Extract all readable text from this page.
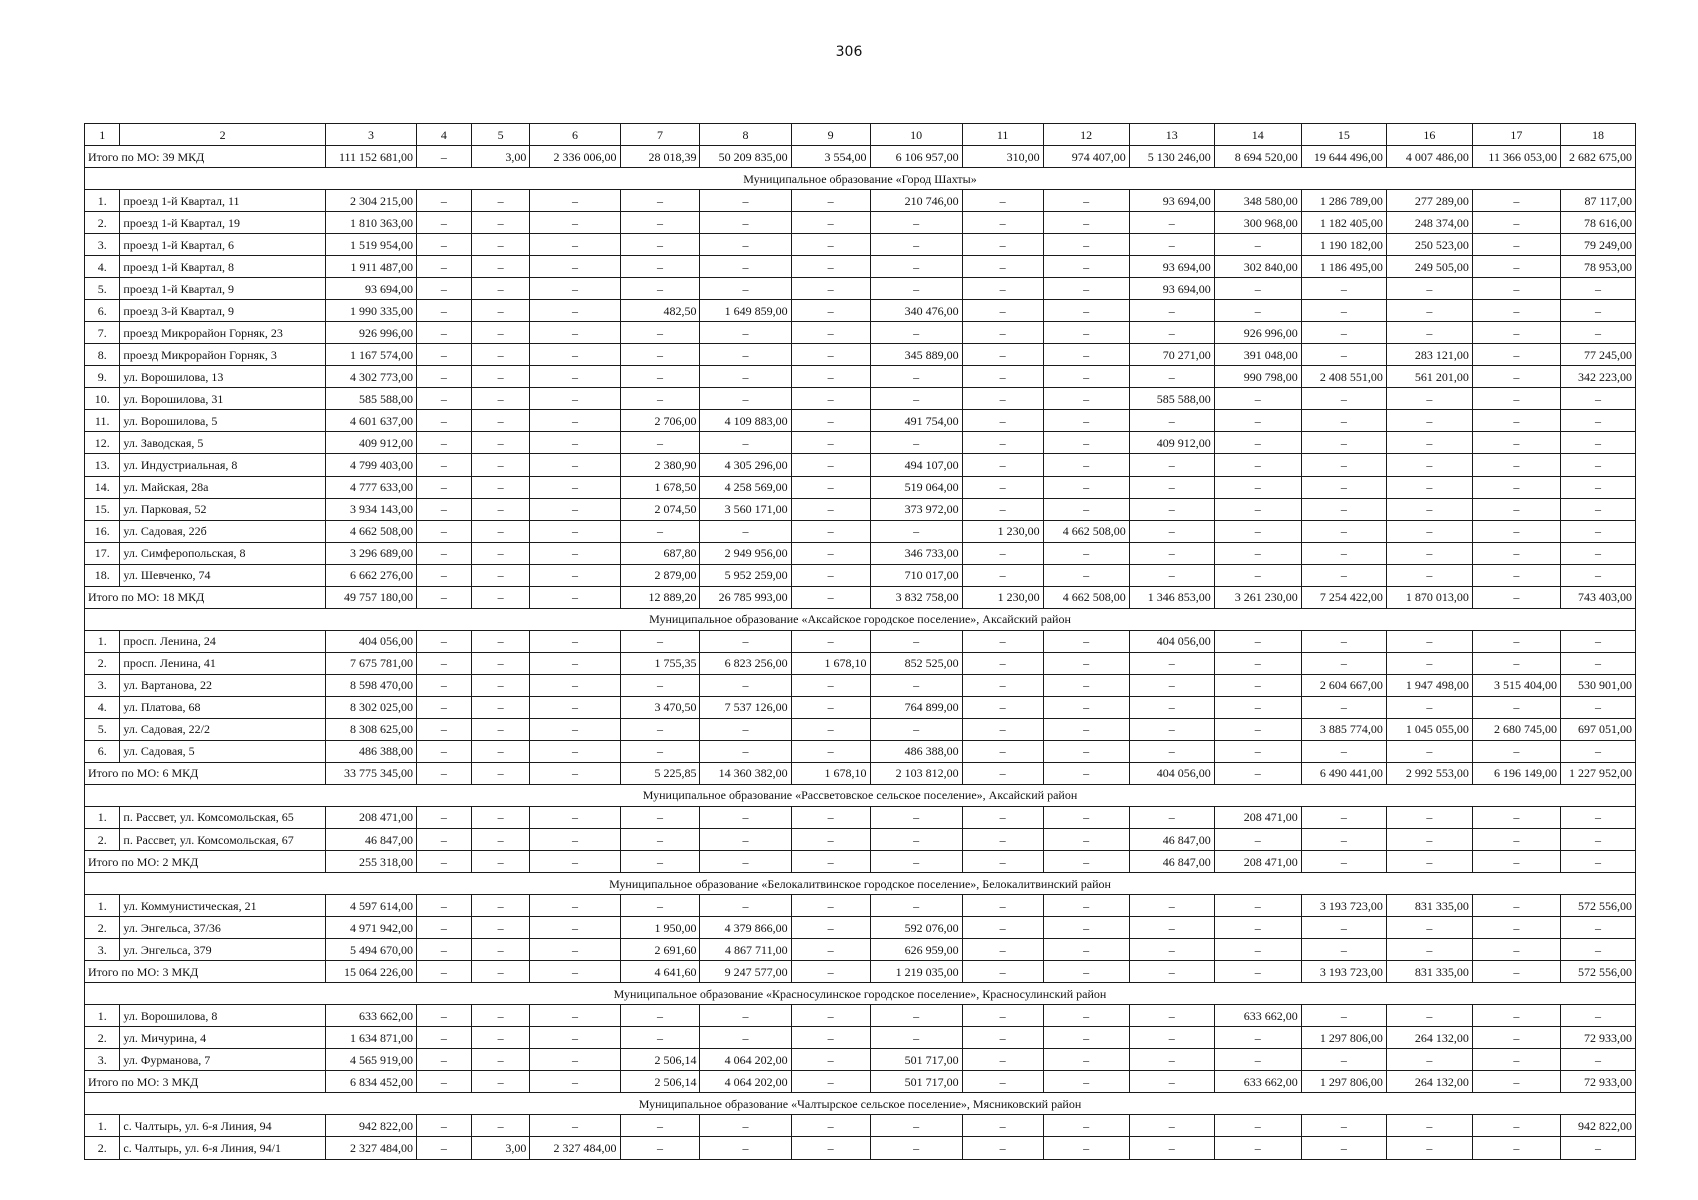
306
1	2	3	4	5	6	7	8	9	10	11	12	13	14	15	16	17	18
Итого по МО: 39 МКД		111 152 681,00	–	3,00	2 336 006,00	28 018,39	50 209 835,00	3 554,00	6 106 957,00	310,00	974 407,00	5 130 246,00	8 694 520,00	19 644 496,00	4 007 486,00	11 366 053,00	2 682 675,00
Муниципальное образование «Город Шахты»																	
1.	проезд 1-й Квартал, 11	2 304 215,00	–	–	–	–	–	–	210 746,00	–	–	93 694,00	348 580,00	1 286 789,00	277 289,00	–	87 117,00
2.	проезд 1-й Квартал, 19	1 810 363,00	–	–	–	–	–	–	–	–	–	–	300 968,00	1 182 405,00	248 374,00	–	78 616,00
3.	проезд 1-й Квартал, 6	1 519 954,00	–	–	–	–	–	–	–	–	–	–	–	1 190 182,00	250 523,00	–	79 249,00
4.	проезд 1-й Квартал, 8	1 911 487,00	–	–	–	–	–	–	–	–	–	93 694,00	302 840,00	1 186 495,00	249 505,00	–	78 953,00
5.	проезд 1-й Квартал, 9	93 694,00	–	–	–	–	–	–	–	–	–	93 694,00	–	–	–	–	–
6.	проезд 3-й Квартал, 9	1 990 335,00	–	–	–	482,50	1 649 859,00	–	340 476,00	–	–	–	–	–	–	–	–
7.	проезд Микрорайон Горняк, 23	926 996,00	–	–	–	–	–	–	–	–	–	–	926 996,00	–	–	–	–
8.	проезд Микрорайон Горняк, 3	1 167 574,00	–	–	–	–	–	–	345 889,00	–	–	70 271,00	391 048,00	–	283 121,00	–	77 245,00
9.	ул. Ворошилова, 13	4 302 773,00	–	–	–	–	–	–	–	–	–	–	990 798,00	2 408 551,00	561 201,00	–	342 223,00
10.	ул. Ворошилова, 31	585 588,00	–	–	–	–	–	–	–	–	–	585 588,00	–	–	–	–	–
11.	ул. Ворошилова, 5	4 601 637,00	–	–	–	2 706,00	4 109 883,00	–	491 754,00	–	–	–	–	–	–	–	–
12.	ул. Заводская, 5	409 912,00	–	–	–	–	–	–	–	–	–	409 912,00	–	–	–	–	–
13.	ул. Индустриальная, 8	4 799 403,00	–	–	–	2 380,90	4 305 296,00	–	494 107,00	–	–	–	–	–	–	–	–
14.	ул. Майская, 28а	4 777 633,00	–	–	–	1 678,50	4 258 569,00	–	519 064,00	–	–	–	–	–	–	–	–
15.	ул. Парковая, 52	3 934 143,00	–	–	–	2 074,50	3 560 171,00	–	373 972,00	–	–	–	–	–	–	–	–
16.	ул. Садовая, 22б	4 662 508,00	–	–	–	–	–	–	–	1 230,00	4 662 508,00	–	–	–	–	–	–
17.	ул. Симферопольская, 8	3 296 689,00	–	–	–	687,80	2 949 956,00	–	346 733,00	–	–	–	–	–	–	–	–
18.	ул. Шевченко, 74	6 662 276,00	–	–	–	2 879,00	5 952 259,00	–	710 017,00	–	–	–	–	–	–	–	–
Итого по МО: 18 МКД		49 757 180,00	–	–	–	12 889,20	26 785 993,00	–	3 832 758,00	1 230,00	4 662 508,00	1 346 853,00	3 261 230,00	7 254 422,00	1 870 013,00	–	743 403,00
Муниципальное образование «Аксайское городское поселение», Аксайский район																	
1.	просп. Ленина, 24	404 056,00	–	–	–	–	–	–	–	–	–	404 056,00	–	–	–	–	–
2.	просп. Ленина, 41	7 675 781,00	–	–	–	1 755,35	6 823 256,00	1 678,10	852 525,00	–	–	–	–	–	–	–	–
3.	ул. Вартанова, 22	8 598 470,00	–	–	–	–	–	–	–	–	–	–	–	2 604 667,00	1 947 498,00	3 515 404,00	530 901,00
4.	ул. Платова, 68	8 302 025,00	–	–	–	3 470,50	7 537 126,00	–	764 899,00	–	–	–	–	–	–	–	–
5.	ул. Садовая, 22/2	8 308 625,00	–	–	–	–	–	–	–	–	–	–	–	3 885 774,00	1 045 055,00	2 680 745,00	697 051,00
6.	ул. Садовая, 5	486 388,00	–	–	–	–	–	–	486 388,00	–	–	–	–	–	–	–	–
Итого по МО: 6 МКД		33 775 345,00	–	–	–	5 225,85	14 360 382,00	1 678,10	2 103 812,00	–	–	404 056,00	–	6 490 441,00	2 992 553,00	6 196 149,00	1 227 952,00
Муниципальное образование «Рассветовское сельское поселение», Аксайский район																	
1.	п. Рассвет, ул. Комсомольская, 65	208 471,00	–	–	–	–	–	–	–	–	–	–	208 471,00	–	–	–	–
2.	п. Рассвет, ул. Комсомольская, 67	46 847,00	–	–	–	–	–	–	–	–	–	46 847,00	–	–	–	–	–
Итого по МО: 2 МКД		255 318,00	–	–	–	–	–	–	–	–	–	46 847,00	208 471,00	–	–	–	–
Муниципальное образование «Белокалитвинское городское поселение», Белокалитвинский район																	
1.	ул. Коммунистическая, 21	4 597 614,00	–	–	–	–	–	–	–	–	–	–	–	3 193 723,00	831 335,00	–	572 556,00
2.	ул. Энгельса, 37/36	4 971 942,00	–	–	–	1 950,00	4 379 866,00	–	592 076,00	–	–	–	–	–	–	–	–
3.	ул. Энгельса, 379	5 494 670,00	–	–	–	2 691,60	4 867 711,00	–	626 959,00	–	–	–	–	–	–	–	–
Итого по МО: 3 МКД		15 064 226,00	–	–	–	4 641,60	9 247 577,00	–	1 219 035,00	–	–	–	–	3 193 723,00	831 335,00	–	572 556,00
Муниципальное образование «Красносулинское городское поселение», Красносулинский район																	
1.	ул. Ворошилова, 8	633 662,00	–	–	–	–	–	–	–	–	–	–	633 662,00	–	–	–	–
2.	ул. Мичурина, 4	1 634 871,00	–	–	–	–	–	–	–	–	–	–	–	1 297 806,00	264 132,00	–	72 933,00
3.	ул. Фурманова, 7	4 565 919,00	–	–	–	2 506,14	4 064 202,00	–	501 717,00	–	–	–	–	–	–	–	–
Итого по МО: 3 МКД		6 834 452,00	–	–	–	2 506,14	4 064 202,00	–	501 717,00	–	–	–	633 662,00	1 297 806,00	264 132,00	–	72 933,00
Муниципальное образование «Чалтырское сельское поселение», Мясниковский район																	
1.	с. Чалтырь, ул. 6-я Линия, 94	942 822,00	–	–	–	–	–	–	–	–	–	–	–	–	–	–	942 822,00
2.	с. Чалтырь, ул. 6-я Линия, 94/1	2 327 484,00	–	3,00	2 327 484,00	–	–	–	–	–	–	–	–	–	–	–	–
